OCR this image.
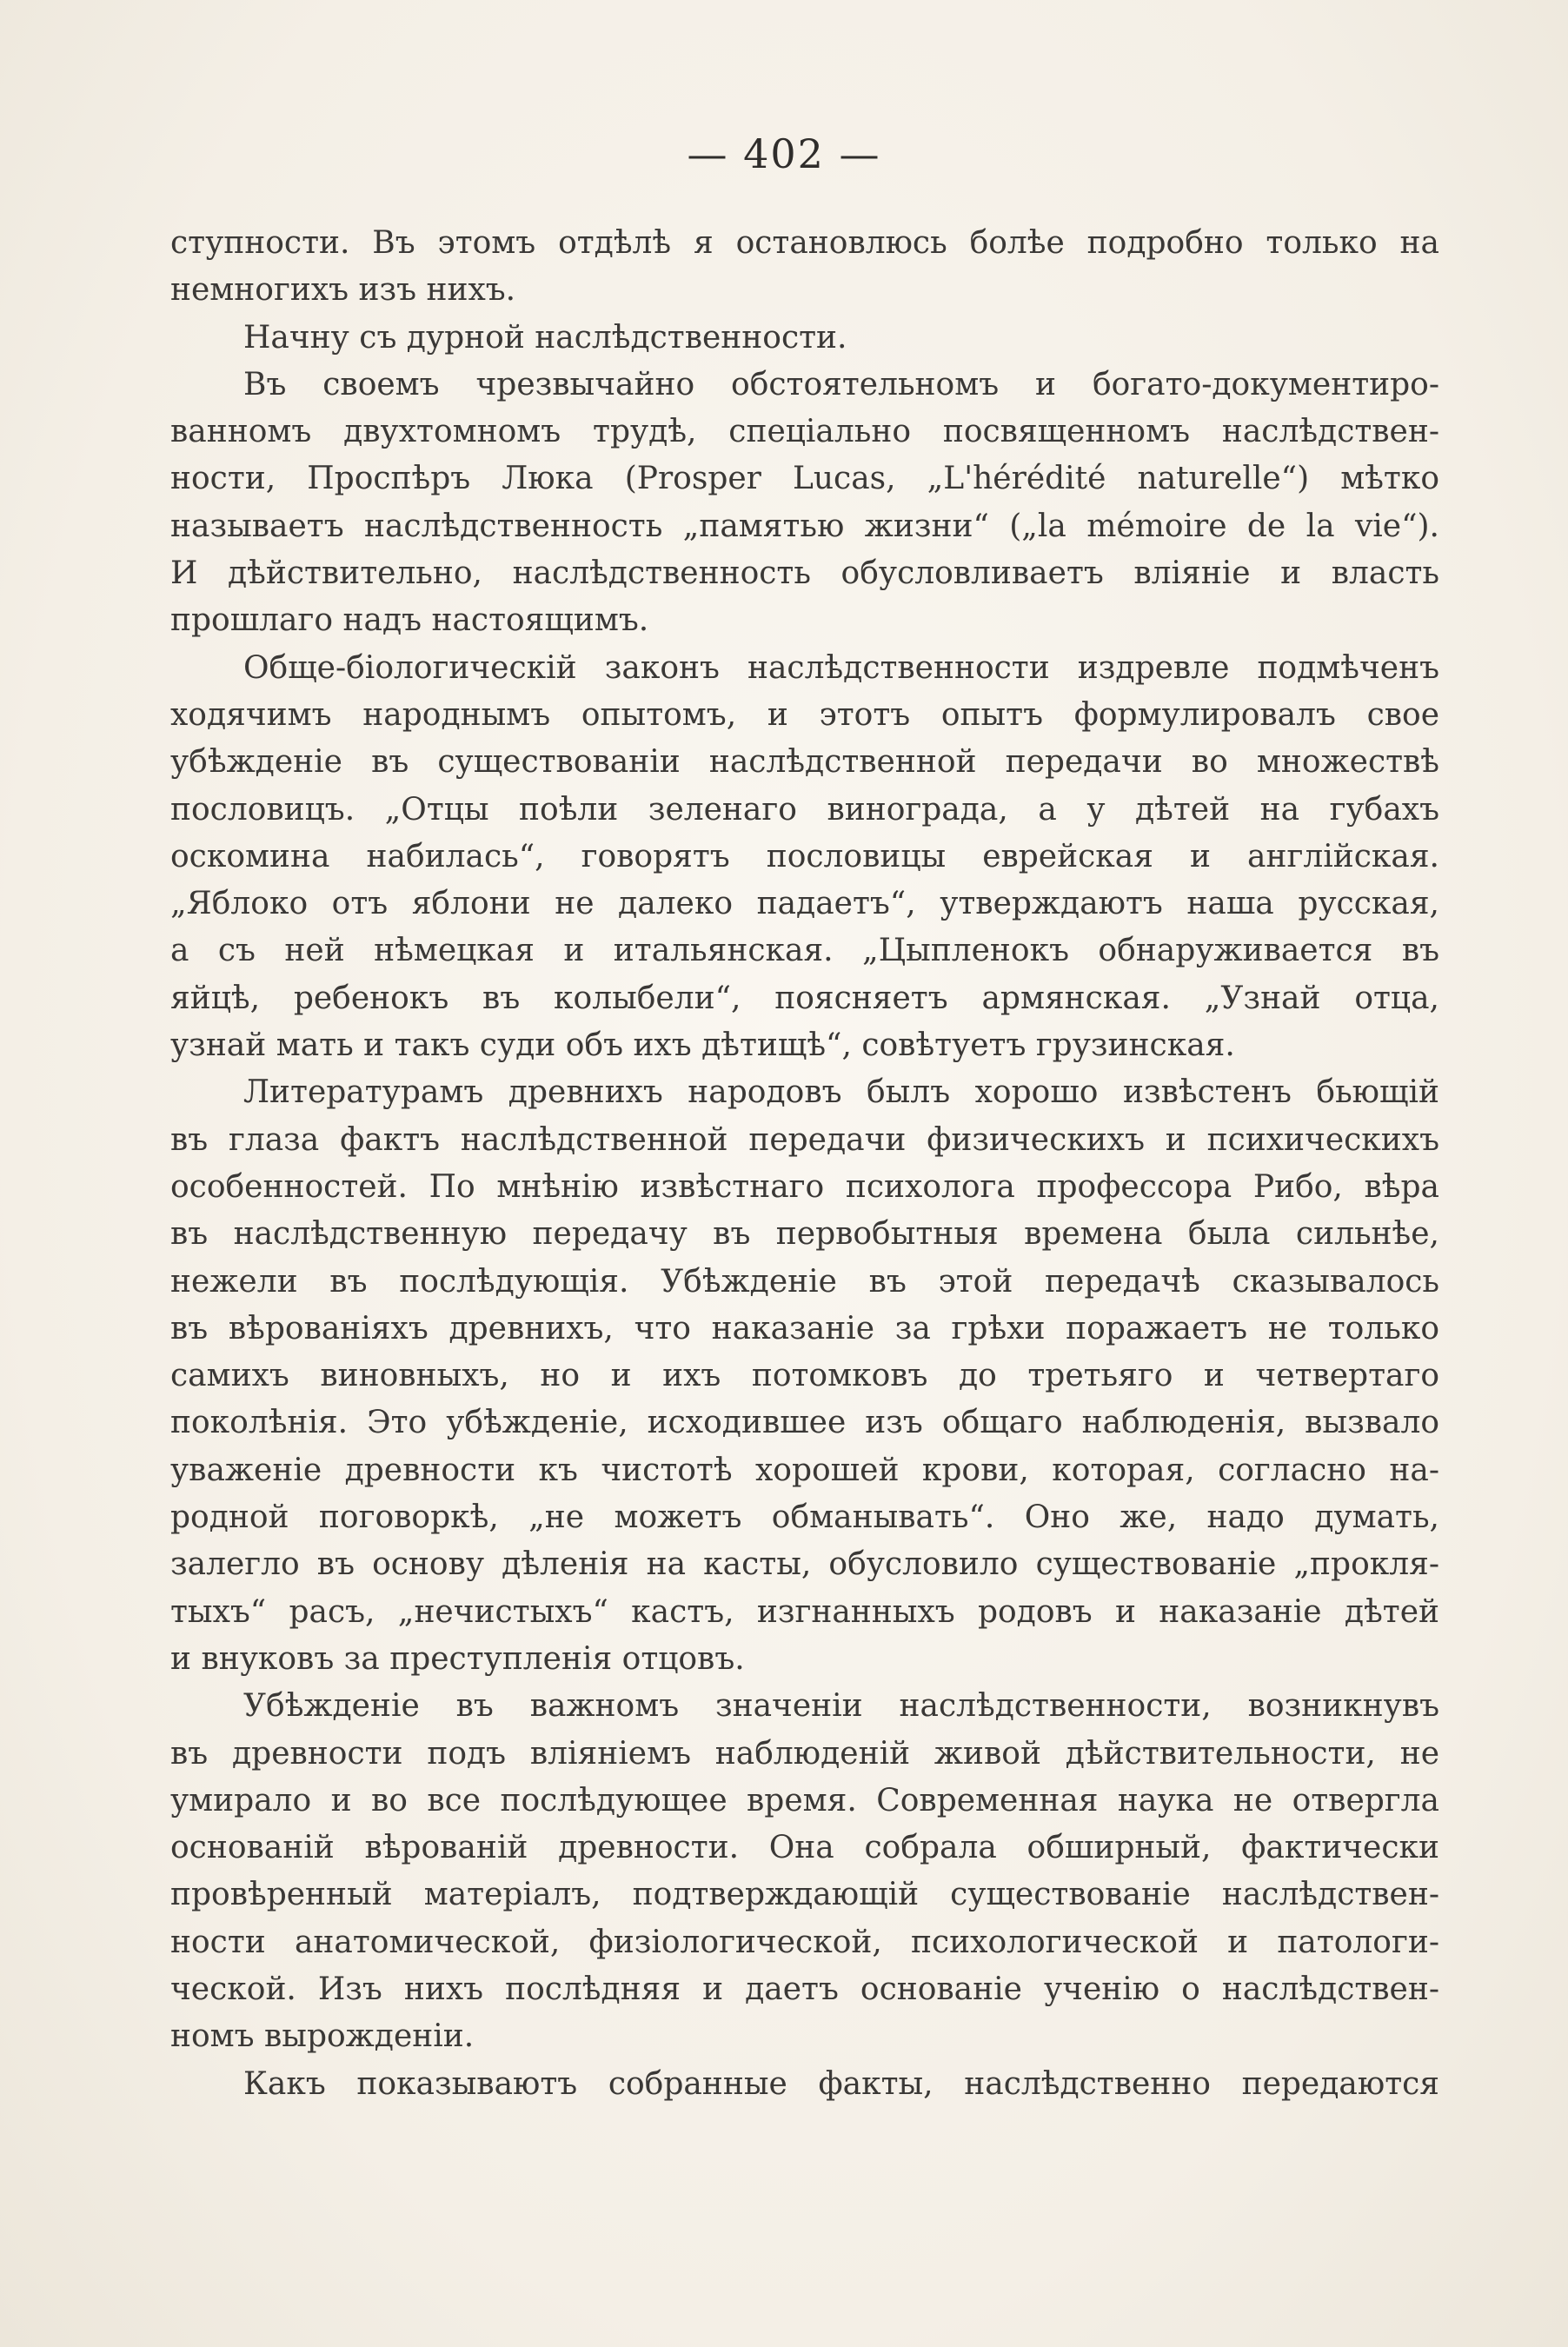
— 402 —
ступности. Въ этомъ отдѣлѣ я остановлюсь болѣе подробно только на
немногихъ изъ нихъ.
Начну съ дурной наслѣдственности.
Въ своемъ чрезвычайно обстоятельномъ и богато-документиро-
ванномъ двухтомномъ трудѣ, спеціально посвященномъ наслѣдствен-
ности, Проспѣръ Люка (Prosper Lucas, „L'hérédité naturelle“) мѣтко
называетъ наслѣдственность „памятью жизни“ („la mémoire de la vie“).
И дѣйствительно, наслѣдственность обусловливаетъ вліяніе и власть
прошлаго надъ настоящимъ.
Обще-біологическій законъ наслѣдственности издревле подмѣченъ
ходячимъ народнымъ опытомъ, и этотъ опытъ формулировалъ свое
убѣжденіе въ существованіи наслѣдственной передачи во множествѣ
пословицъ. „Отцы поѣли зеленаго винограда, а у дѣтей на губахъ
оскомина набилась“, говорятъ пословицы еврейская и англійская.
„Яблоко отъ яблони не далеко падаетъ“, утверждаютъ наша русская,
а съ ней нѣмецкая и итальянская. „Цыпленокъ обнаруживается въ
яйцѣ, ребенокъ въ колыбели“, поясняетъ армянская. „Узнай отца,
узнай мать и такъ суди объ ихъ дѣтищѣ“, совѣтуетъ грузинская.
Литературамъ древнихъ народовъ былъ хорошо извѣстенъ бьющій
въ глаза фактъ наслѣдственной передачи физическихъ и психическихъ
особенностей. По мнѣнію извѣстнаго психолога профессора Рибо, вѣра
въ наслѣдственную передачу въ первобытныя времена была сильнѣе,
нежели въ послѣдующія. Убѣжденіе въ этой передачѣ сказывалось
въ вѣрованіяхъ древнихъ, что наказаніе за грѣхи поражаетъ не только
самихъ виновныхъ, но и ихъ потомковъ до третьяго и четвертаго
поколѣнія. Это убѣжденіе, исходившее изъ общаго наблюденія, вызвало
уваженіе древности къ чистотѣ хорошей крови, которая, согласно на-
родной поговоркѣ, „не можетъ обманывать“. Оно же, надо думать,
залегло въ основу дѣленія на касты, обусловило существованіе „прокля-
тыхъ“ расъ, „нечистыхъ“ кастъ, изгнанныхъ родовъ и наказаніе дѣтей
и внуковъ за преступленія отцовъ.
Убѣжденіе въ важномъ значеніи наслѣдственности, возникнувъ
въ древности подъ вліяніемъ наблюденій живой дѣйствительности, не
умирало и во все послѣдующее время. Современная наука не отвергла
основаній вѣрованій древности. Она собрала обширный, фактически
провѣренный матеріалъ, подтверждающій существованіе наслѣдствен-
ности анатомической, физіологической, психологической и патологи-
ческой. Изъ нихъ послѣдняя и даетъ основаніе ученію о наслѣдствен-
номъ вырожденіи.
Какъ показываютъ собранные факты, наслѣдственно передаются
